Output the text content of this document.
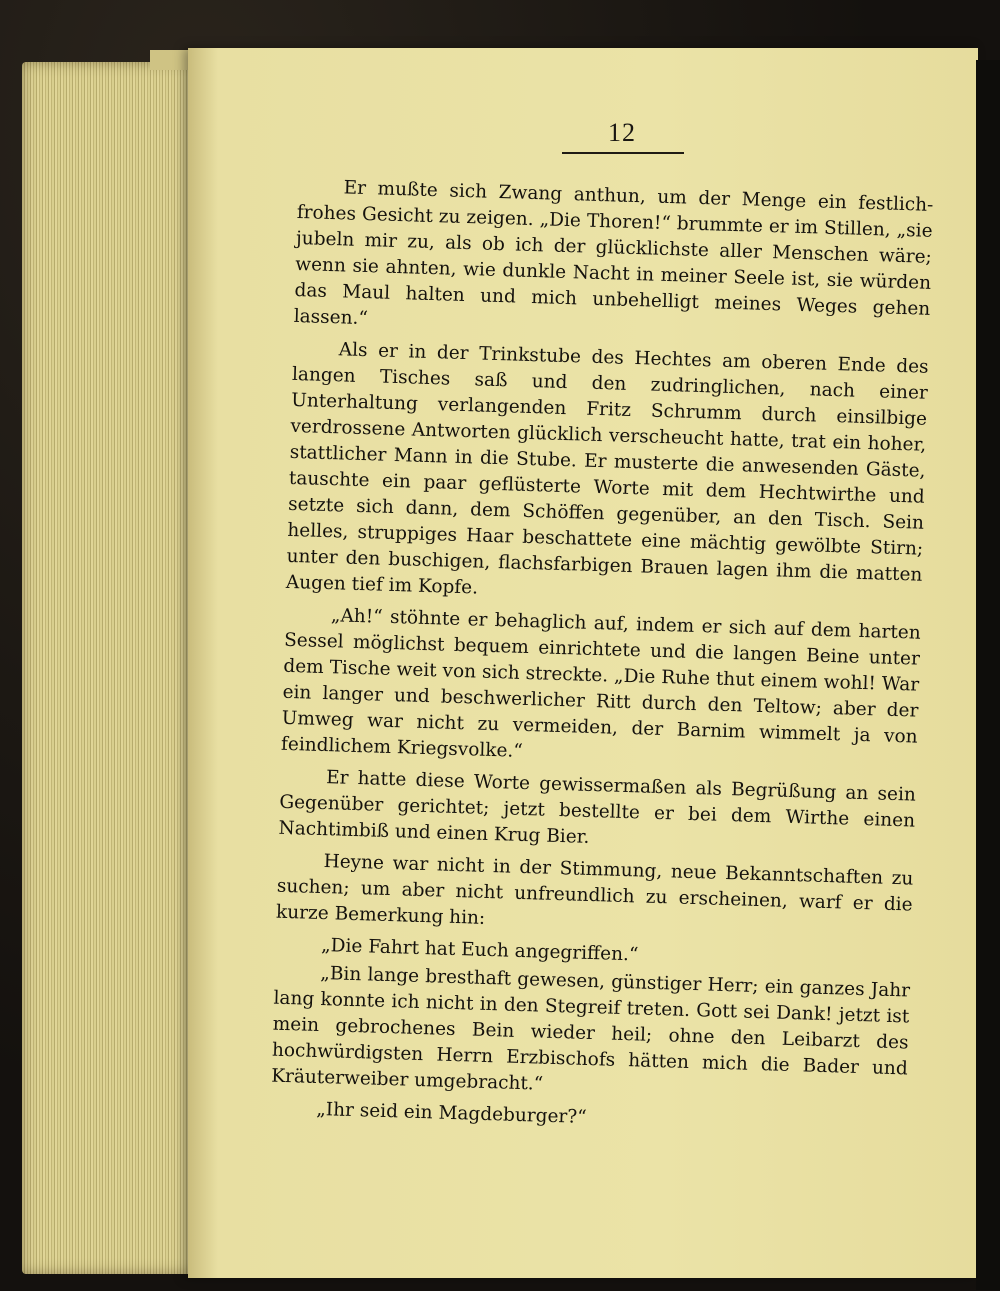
12

Er mußte sich Zwang anthun, um der Menge ein festlich-frohes Gesicht zu zeigen. „Die Thoren!“ brummte er im Stillen, „sie jubeln mir zu, als ob ich der glücklichste aller Menschen wäre; wenn sie ahnten, wie dunkle Nacht in meiner Seele ist, sie würden das Maul halten und mich unbehelligt meines Weges gehen lassen.“

Als er in der Trinkstube des Hechtes am oberen Ende des langen Tisches saß und den zudringlichen, nach einer Unterhaltung verlangenden Fritz Schrumm durch einsilbige verdrossene Antworten glücklich verscheucht hatte, trat ein hoher, stattlicher Mann in die Stube. Er musterte die anwesenden Gäste, tauschte ein paar geflüsterte Worte mit dem Hechtwirthe und setzte sich dann, dem Schöffen gegenüber, an den Tisch. Sein helles, struppiges Haar beschattete eine mächtig gewölbte Stirn; unter den buschigen, flachsfarbigen Brauen lagen ihm die matten Augen tief im Kopfe.

„Ah!“ stöhnte er behaglich auf, indem er sich auf dem harten Sessel möglichst bequem einrichtete und die langen Beine unter dem Tische weit von sich streckte. „Die Ruhe thut einem wohl! War ein langer und beschwerlicher Ritt durch den Teltow; aber der Umweg war nicht zu vermeiden, der Barnim wimmelt ja von feindlichem Kriegsvolke.“

Er hatte diese Worte gewissermaßen als Begrüßung an sein Gegenüber gerichtet; jetzt bestellte er bei dem Wirthe einen Nachtimbiß und einen Krug Bier.

Heyne war nicht in der Stimmung, neue Bekanntschaften zu suchen; um aber nicht unfreundlich zu erscheinen, warf er die kurze Bemerkung hin:

„Die Fahrt hat Euch angegriffen.“

„Bin lange bresthaft gewesen, günstiger Herr; ein ganzes Jahr lang konnte ich nicht in den Stegreif treten. Gott sei Dank! jetzt ist mein gebrochenes Bein wieder heil; ohne den Leibarzt des hochwürdigsten Herrn Erzbischofs hätten mich die Bader und Kräuterweiber umgebracht.“

„Ihr seid ein Magdeburger?“
